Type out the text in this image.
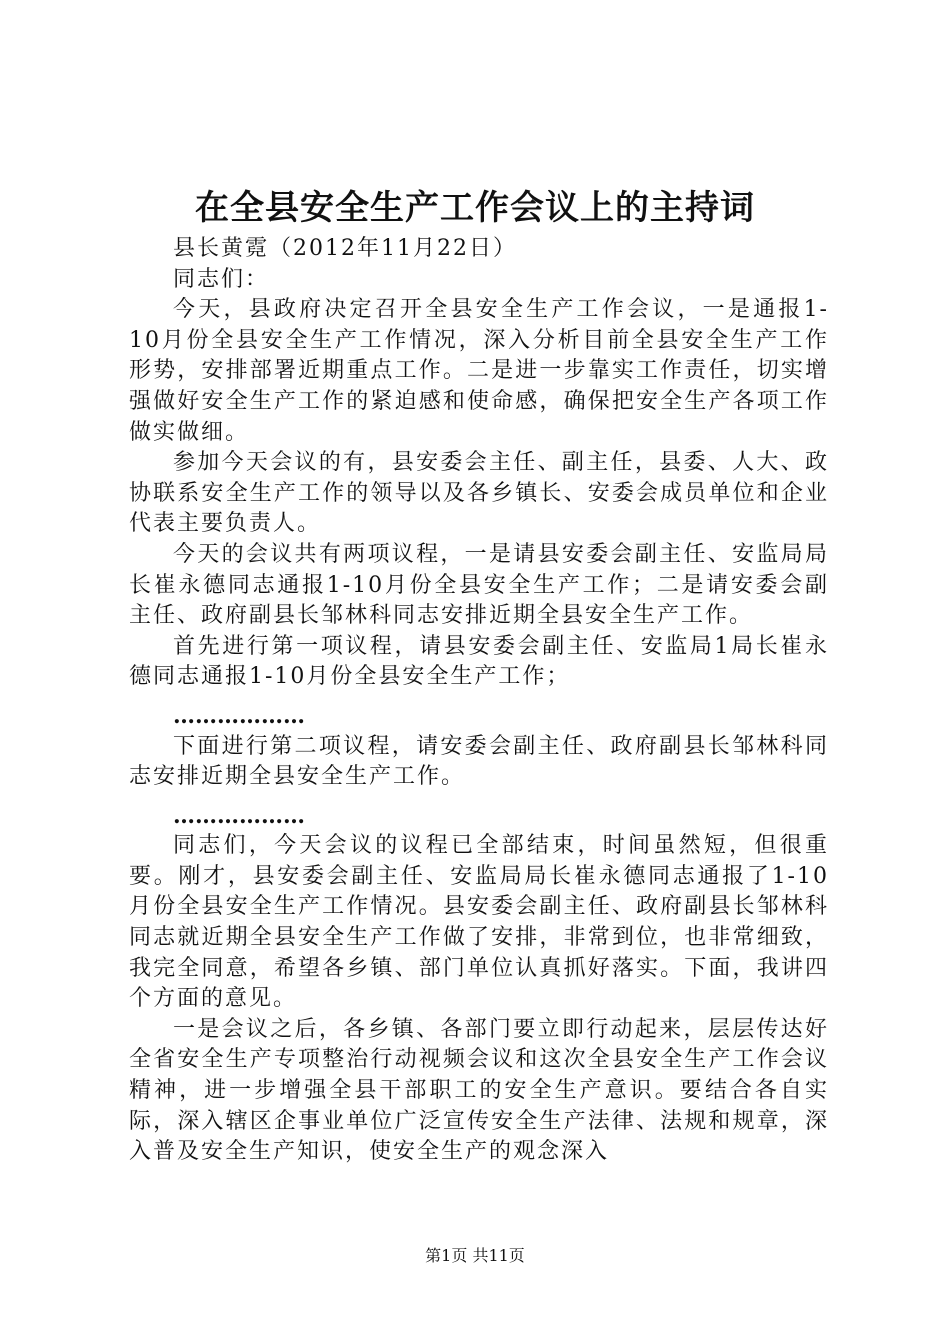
在全县安全生产工作会议上的主持词

县长黄霓（2012年11月22日）

同志们：

今天，县政府决定召开全县安全生产工作会议，一是通报1-10月份全县安全生产工作情况，深入分析目前全县安全生产工作形势，安排部署近期重点工作。二是进一步靠实工作责任，切实增强做好安全生产工作的紧迫感和使命感，确保把安全生产各项工作做实做细。

参加今天会议的有，县安委会主任、副主任，县委、人大、政协联系安全生产工作的领导以及各乡镇长、安委会成员单位和企业代表主要负责人。

今天的会议共有两项议程，一是请县安委会副主任、安监局局长崔永德同志通报1-10月份全县安全生产工作；二是请安委会副主任、政府副县长邹林科同志安排近期全县安全生产工作。

首先进行第一项议程，请县安委会副主任、安监局1局长崔永德同志通报1-10月份全县安全生产工作；

………………

下面进行第二项议程，请安委会副主任、政府副县长邹林科同志安排近期全县安全生产工作。

………………

同志们，今天会议的议程已全部结束，时间虽然短，但很重要。刚才，县安委会副主任、安监局局长崔永德同志通报了1-10月份全县安全生产工作情况。县安委会副主任、政府副县长邹林科同志就近期全县安全生产工作做了安排，非常到位，也非常细致，我完全同意，希望各乡镇、部门单位认真抓好落实。下面，我讲四个方面的意见。

一是会议之后，各乡镇、各部门要立即行动起来，层层传达好全省安全生产专项整治行动视频会议和这次全县安全生产工作会议精神，进一步增强全县干部职工的安全生产意识。要结合各自实际，深入辖区企事业单位广泛宣传安全生产法律、法规和规章，深入普及安全生产知识，使安全生产的观念深入

第1页 共11页
